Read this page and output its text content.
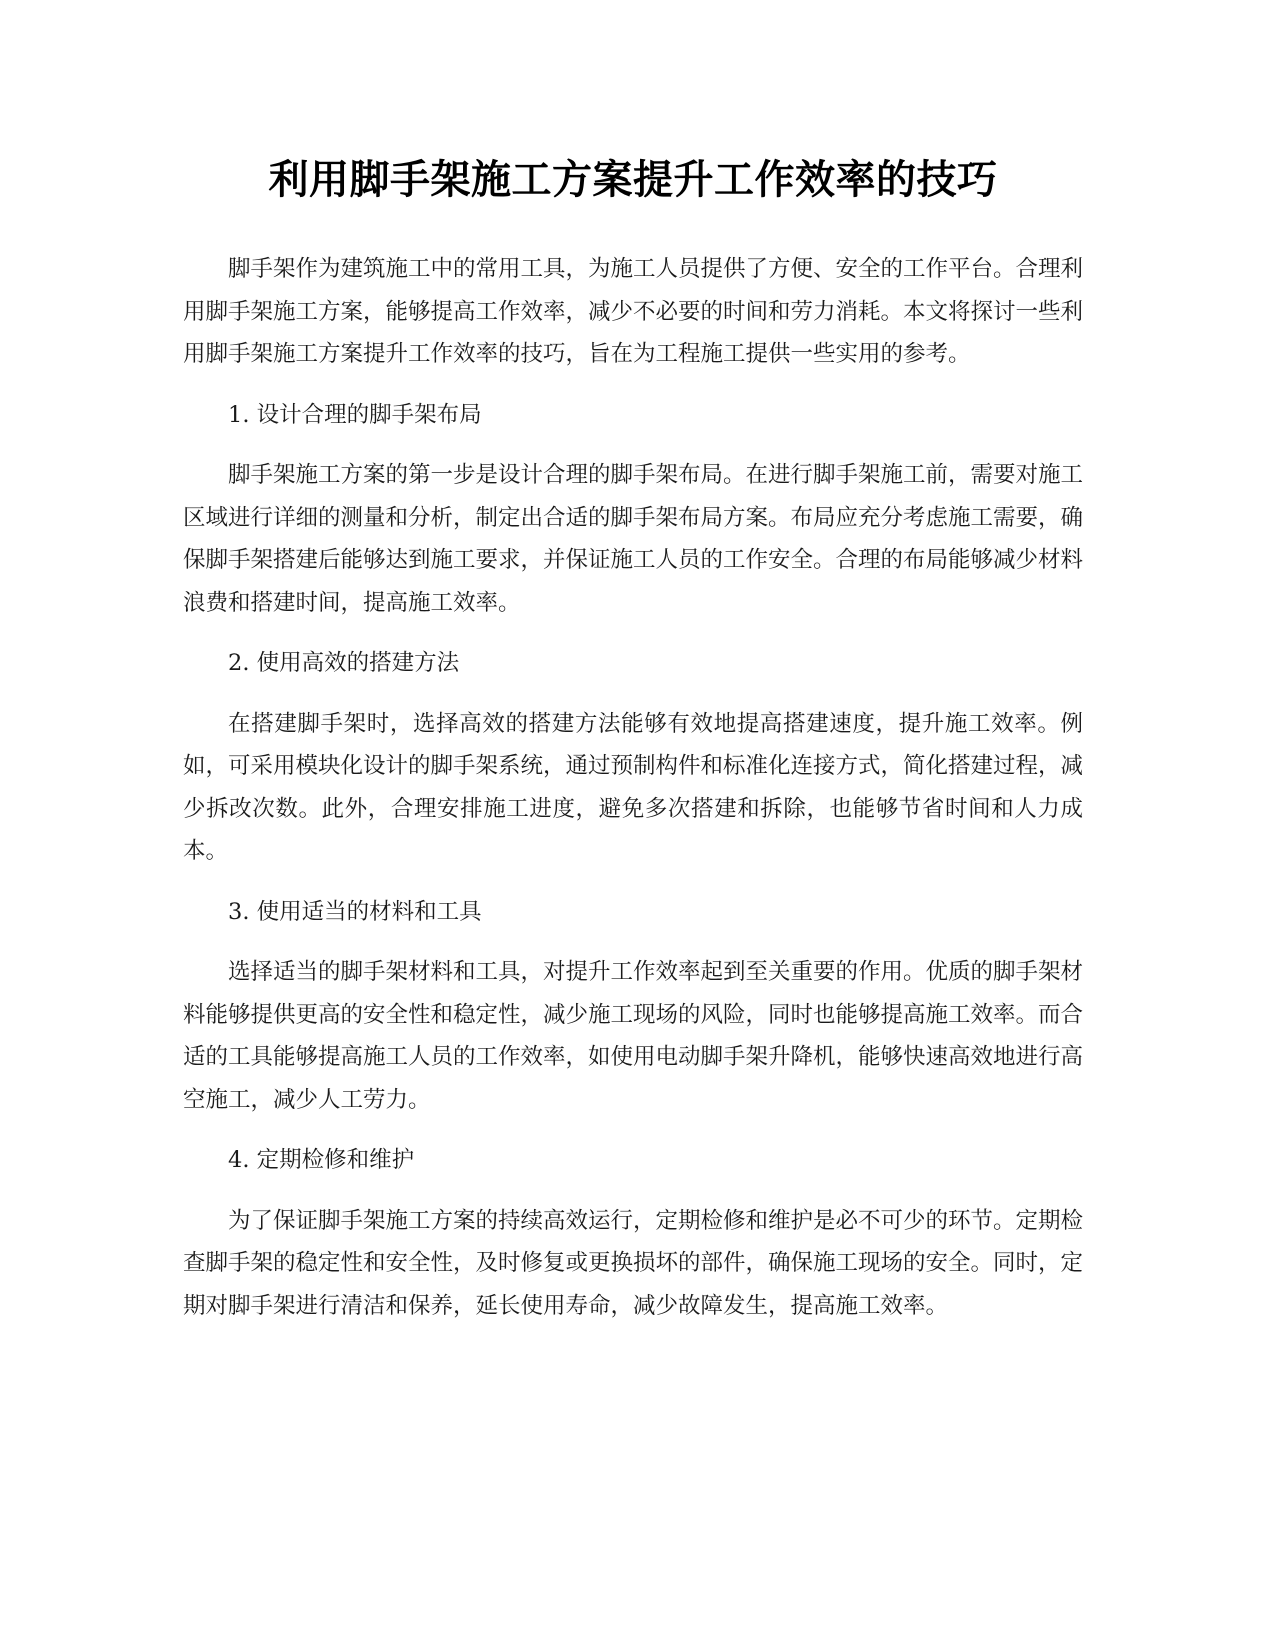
利用脚手架施工方案提升工作效率的技巧

脚手架作为建筑施工中的常用工具，为施工人员提供了方便、安全的工作平台。合理利用脚手架施工方案，能够提高工作效率，减少不必要的时间和劳力消耗。本文将探讨一些利用脚手架施工方案提升工作效率的技巧，旨在为工程施工提供一些实用的参考。

1. 设计合理的脚手架布局

脚手架施工方案的第一步是设计合理的脚手架布局。在进行脚手架施工前，需要对施工区域进行详细的测量和分析，制定出合适的脚手架布局方案。布局应充分考虑施工需要，确保脚手架搭建后能够达到施工要求，并保证施工人员的工作安全。合理的布局能够减少材料浪费和搭建时间，提高施工效率。

2. 使用高效的搭建方法

在搭建脚手架时，选择高效的搭建方法能够有效地提高搭建速度，提升施工效率。例如，可采用模块化设计的脚手架系统，通过预制构件和标准化连接方式，简化搭建过程，减少拆改次数。此外，合理安排施工进度，避免多次搭建和拆除，也能够节省时间和人力成本。

3. 使用适当的材料和工具

选择适当的脚手架材料和工具，对提升工作效率起到至关重要的作用。优质的脚手架材料能够提供更高的安全性和稳定性，减少施工现场的风险，同时也能够提高施工效率。而合适的工具能够提高施工人员的工作效率，如使用电动脚手架升降机，能够快速高效地进行高空施工，减少人工劳力。

4. 定期检修和维护

为了保证脚手架施工方案的持续高效运行，定期检修和维护是必不可少的环节。定期检查脚手架的稳定性和安全性，及时修复或更换损坏的部件，确保施工现场的安全。同时，定期对脚手架进行清洁和保养，延长使用寿命，减少故障发生，提高施工效率。
